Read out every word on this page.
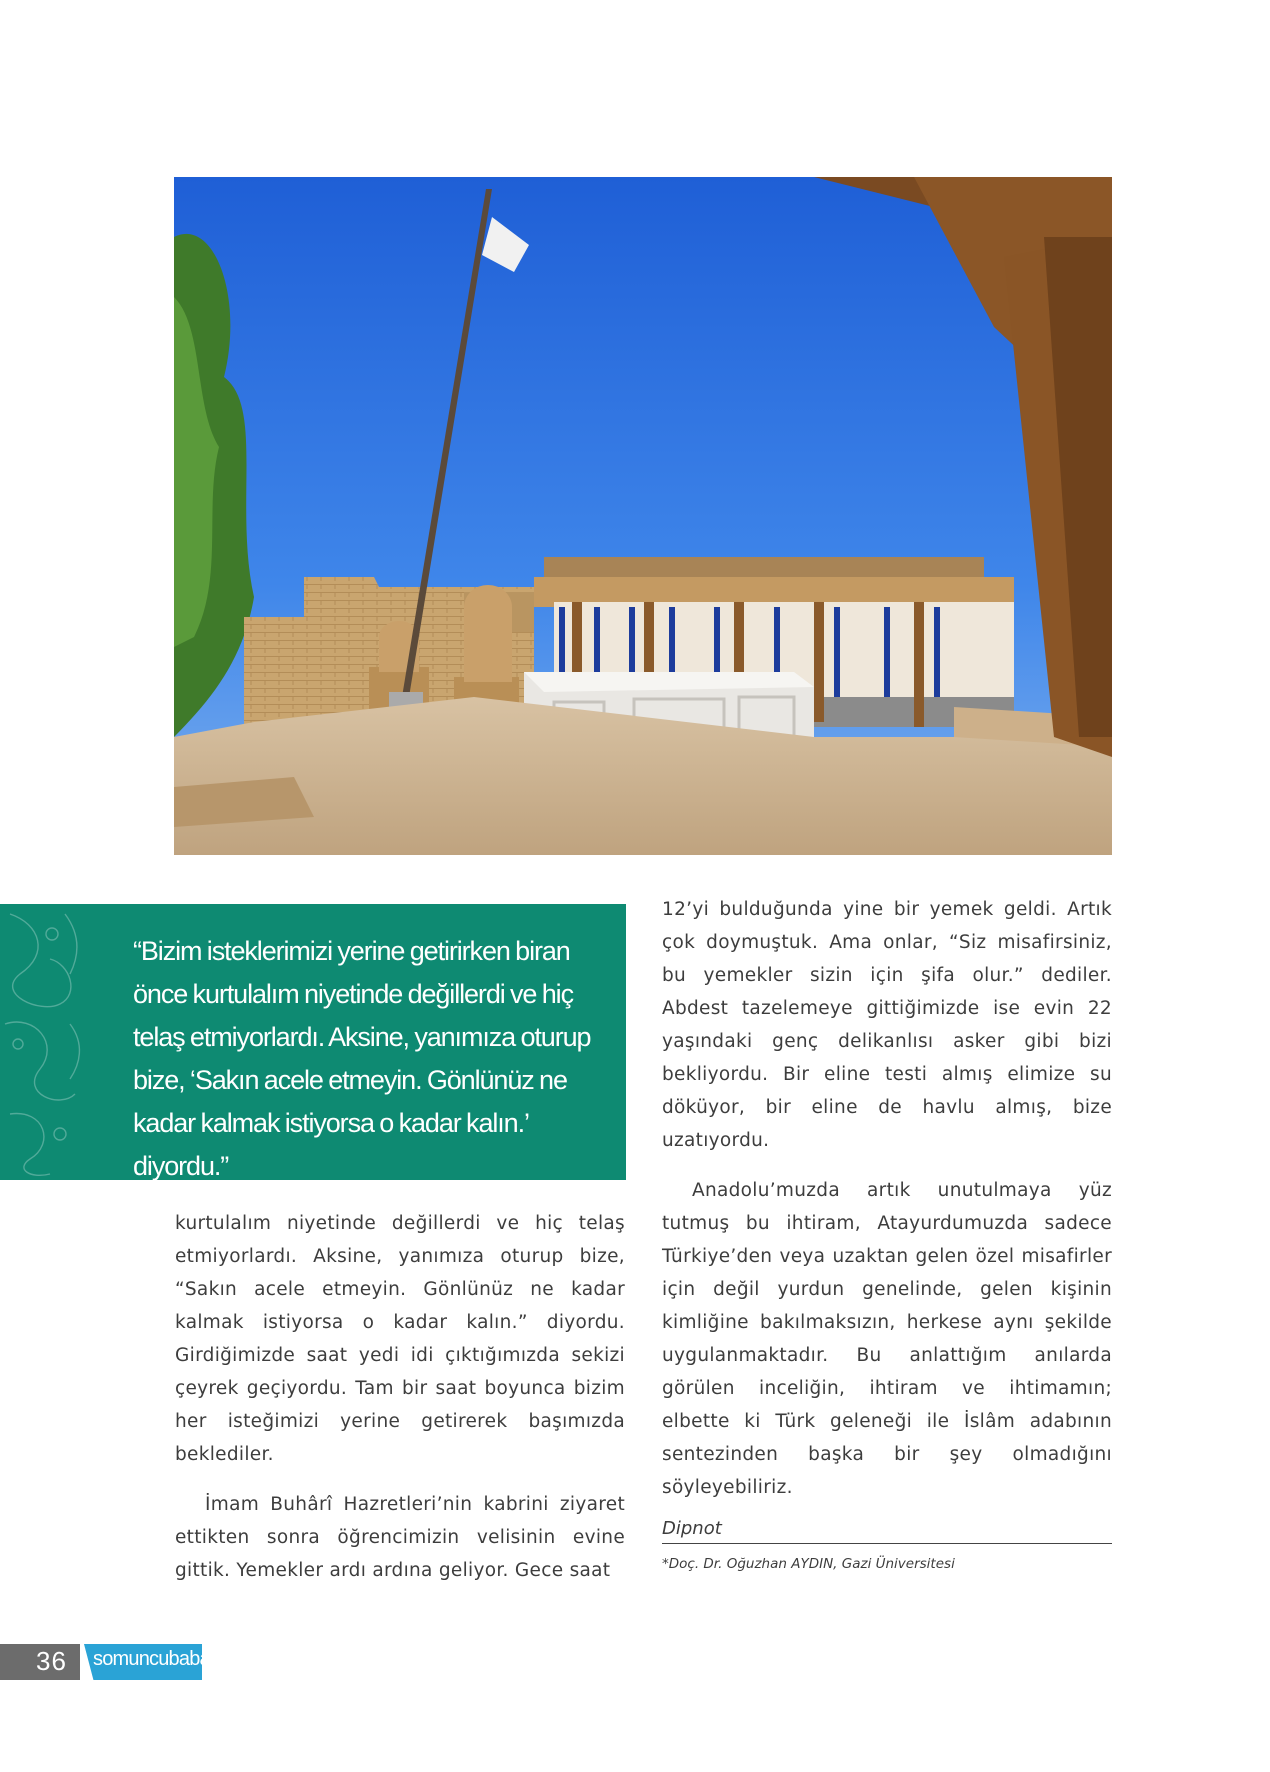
“Bizim isteklerimizi yerine getirirken biran önce kurtulalım niyetinde değillerdi ve hiç telaş etmiyorlardı. Aksine, yanımıza oturup bize, ‘Sakın acele etmeyin. Gönlünüz ne kadar kalmak istiyorsa o kadar kalın.’ diyordu.”

kurtulalım niyetinde değillerdi ve hiç telaş etmiyorlardı. Aksine, yanımıza oturup bize, “Sakın acele etmeyin. Gönlünüz ne kadar kalmak istiyorsa o kadar kalın.” diyordu. Girdiğimizde saat yedi idi çıktığımızda sekizi çeyrek geçiyordu. Tam bir saat boyunca bizim her isteğimizi yerine getirerek başımızda beklediler.

İmam Buhârî Hazretleri’nin kabrini ziyaret ettikten sonra öğrencimizin velisinin evine gittik. Yemekler ardı ardına geliyor. Gece saat

12’yi bulduğunda yine bir yemek geldi. Artık çok doymuştuk. Ama onlar, “Siz misafirsiniz, bu yemekler sizin için şifa olur.” dediler. Abdest tazelemeye gittiğimizde ise evin 22 yaşındaki genç delikanlısı asker gibi bizi bekliyordu. Bir eline testi almış elimize su döküyor, bir eline de havlu almış, bize uzatıyordu.

Anadolu’muzda artık unutulmaya yüz tutmuş bu ihtiram, Atayurdumuzda sadece Türkiye’den veya uzaktan gelen özel misafirler için değil yurdun genelinde, gelen kişinin kimliğine bakılmaksızın, herkese aynı şekilde uygulanmaktadır. Bu anlattığım anılarda görülen inceliğin, ihtiram ve ihtimamın; elbette ki Türk geleneği ile İslâm adabının sentezinden başka bir şey olmadığını söyleyebiliriz.

Dipnot
*Doç. Dr. Oğuzhan AYDIN, Gazi Üniversitesi
36 somuncubaba
